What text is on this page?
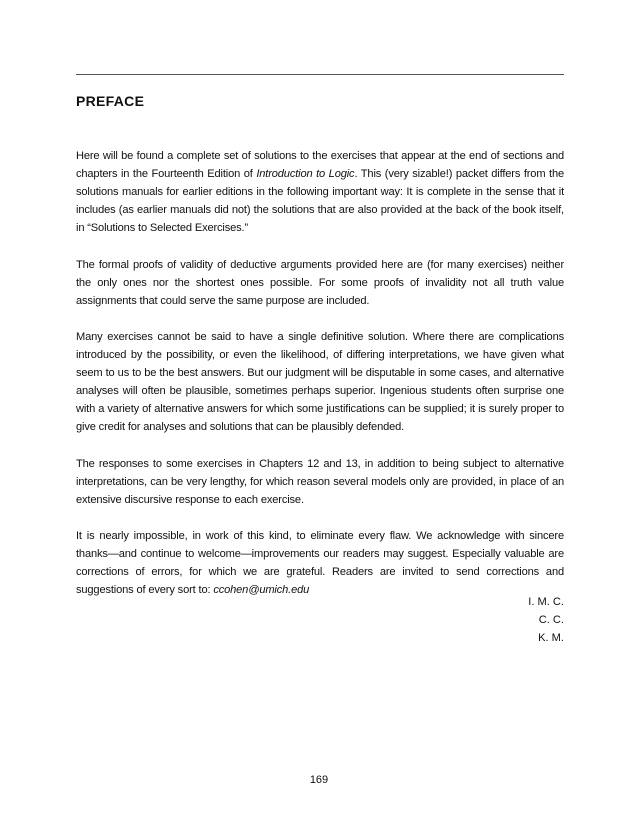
PREFACE

Here will be found a complete set of solutions to the exercises that appear at the end of sections and chapters in the Fourteenth Edition of Introduction to Logic. This (very sizable!) packet differs from the solutions manuals for earlier editions in the following important way: It is complete in the sense that it includes (as earlier manuals did not) the solutions that are also provided at the back of the book itself, in “Solutions to Selected Exercises.”

The formal proofs of validity of deductive arguments provided here are (for many exercises) neither the only ones nor the shortest ones possible. For some proofs of invalidity not all truth value assignments that could serve the same purpose are included.

Many exercises cannot be said to have a single definitive solution. Where there are complications introduced by the possibility, or even the likelihood, of differing interpretations, we have given what seem to us to be the best answers. But our judgment will be disputable in some cases, and alternative analyses will often be plausible, sometimes perhaps superior. Ingenious students often surprise one with a variety of alternative answers for which some justifications can be supplied; it is surely proper to give credit for analyses and solutions that can be plausibly defended.

The responses to some exercises in Chapters 12 and 13, in addition to being subject to alternative interpretations, can be very lengthy, for which reason several models only are provided, in place of an extensive discursive response to each exercise.

It is nearly impossible, in work of this kind, to eliminate every flaw. We acknowledge with sincere thanks—and continue to welcome—improvements our readers may suggest. Especially valuable are corrections of errors, for which we are grateful. Readers are invited to send corrections and suggestions of every sort to: ccohen@umich.edu

I. M. C.
C. C.
K. M.
169
